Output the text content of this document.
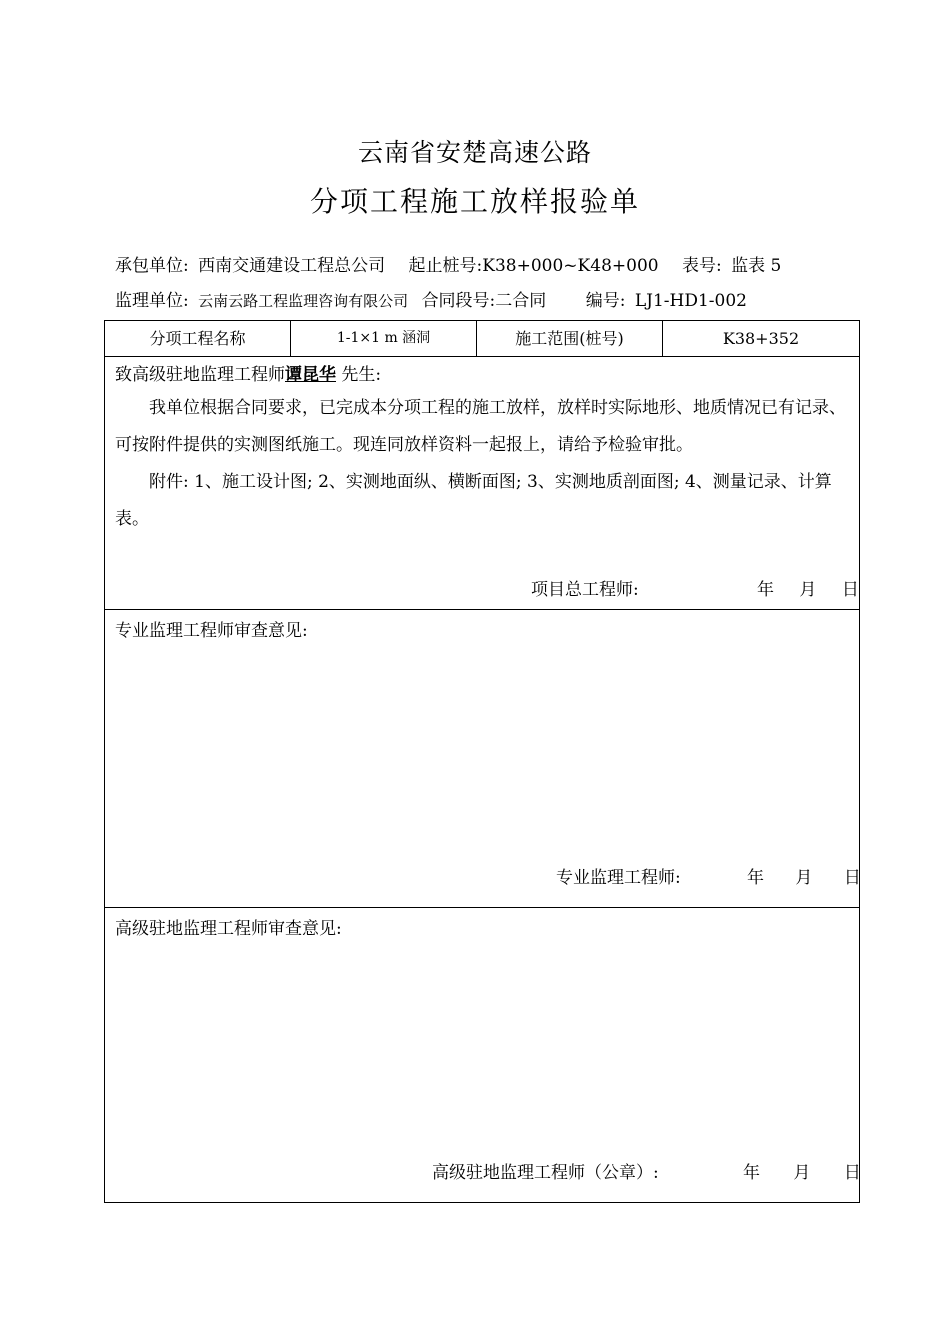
云南省安楚高速公路
分项工程施工放样报验单
承包单位: 西南交通建设工程总公司 起止桩号:K38+000~K48+000 表号: 监表 5
监理单位: 云南云路工程监理咨询有限公司 合同段号:二合同 编号: LJ1-HD1-002
分项工程名称	1-1×1 m 涵洞	施工范围(桩号)	K38+352
致高级驻地监理工程师谭昆华 先生:
我单位根据合同要求，已完成本分项工程的施工放样，放样时实际地形、地质情况已有记录、可按附件提供的实测图纸施工。现连同放样资料一起报上，请给予检验审批。
附件: 1、施工设计图; 2、实测地面纵、横断面图; 3、实测地质剖面图; 4、测量记录、计算表。
项目总工程师:	年 月 日
专业监理工程师审查意见:
专业监理工程师:	年 月 日
高级驻地监理工程师审查意见:
高级驻地监理工程师（公章）:	年 月 日
